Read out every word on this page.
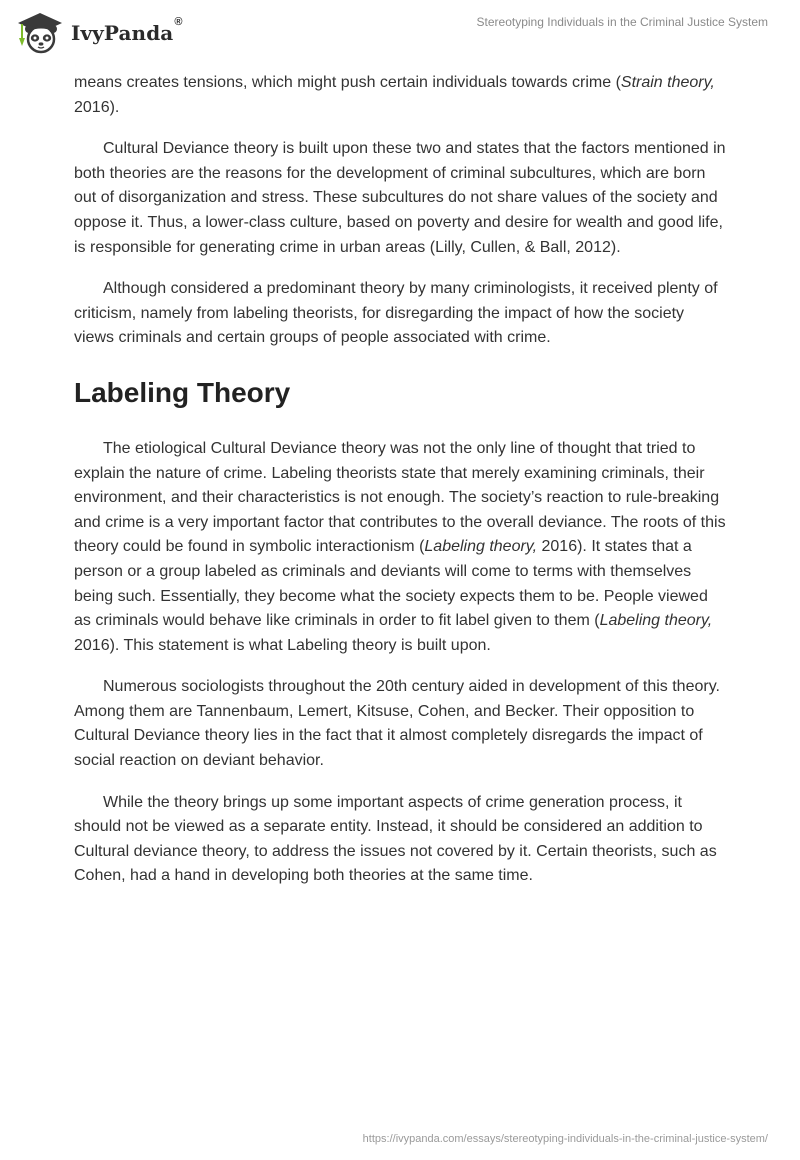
IvyPanda®	Stereotyping Individuals in the Criminal Justice System

means creates tensions, which might push certain individuals towards crime (Strain theory, 2016).

Cultural Deviance theory is built upon these two and states that the factors mentioned in both theories are the reasons for the development of criminal subcultures, which are born out of disorganization and stress. These subcultures do not share values of the society and oppose it. Thus, a lower-class culture, based on poverty and desire for wealth and good life, is responsible for generating crime in urban areas (Lilly, Cullen, & Ball, 2012).

Although considered a predominant theory by many criminologists, it received plenty of criticism, namely from labeling theorists, for disregarding the impact of how the society views criminals and certain groups of people associated with crime.

Labeling Theory

The etiological Cultural Deviance theory was not the only line of thought that tried to explain the nature of crime. Labeling theorists state that merely examining criminals, their environment, and their characteristics is not enough. The society’s reaction to rule-breaking and crime is a very important factor that contributes to the overall deviance. The roots of this theory could be found in symbolic interactionism (Labeling theory, 2016). It states that a person or a group labeled as criminals and deviants will come to terms with themselves being such. Essentially, they become what the society expects them to be. People viewed as criminals would behave like criminals in order to fit label given to them (Labeling theory, 2016). This statement is what Labeling theory is built upon.

Numerous sociologists throughout the 20th century aided in development of this theory. Among them are Tannenbaum, Lemert, Kitsuse, Cohen, and Becker. Their opposition to Cultural Deviance theory lies in the fact that it almost completely disregards the impact of social reaction on deviant behavior.

While the theory brings up some important aspects of crime generation process, it should not be viewed as a separate entity. Instead, it should be considered an addition to Cultural deviance theory, to address the issues not covered by it. Certain theorists, such as Cohen, had a hand in developing both theories at the same time.

https://ivypanda.com/essays/stereotyping-individuals-in-the-criminal-justice-system/
